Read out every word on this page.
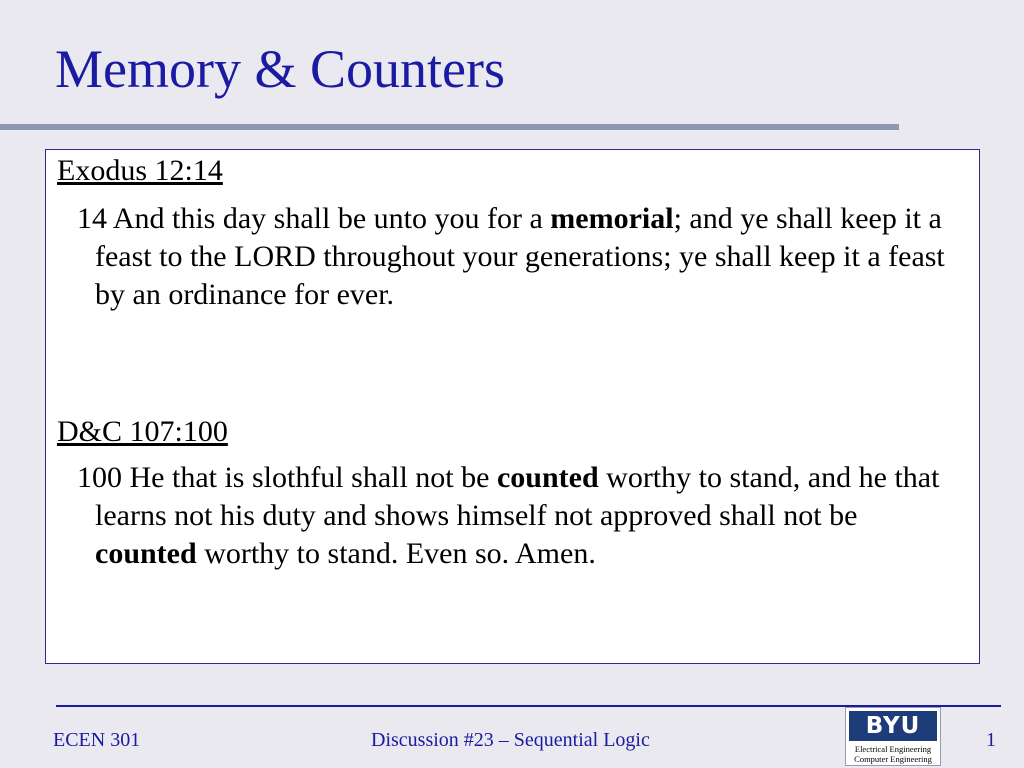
Memory & Counters
Exodus 12:14

14 And this day shall be unto you for a memorial; and ye shall keep it a feast to the LORD throughout your generations; ye shall keep it a feast by an ordinance for ever.

D&C 107:100

100 He that is slothful shall not be counted worthy to stand, and he that learns not his duty and shows himself not approved shall not be counted worthy to stand. Even so. Amen.

ECEN 301	Discussion #23 – Sequential Logic	1

BYU
Electrical Engineering
Computer Engineering
